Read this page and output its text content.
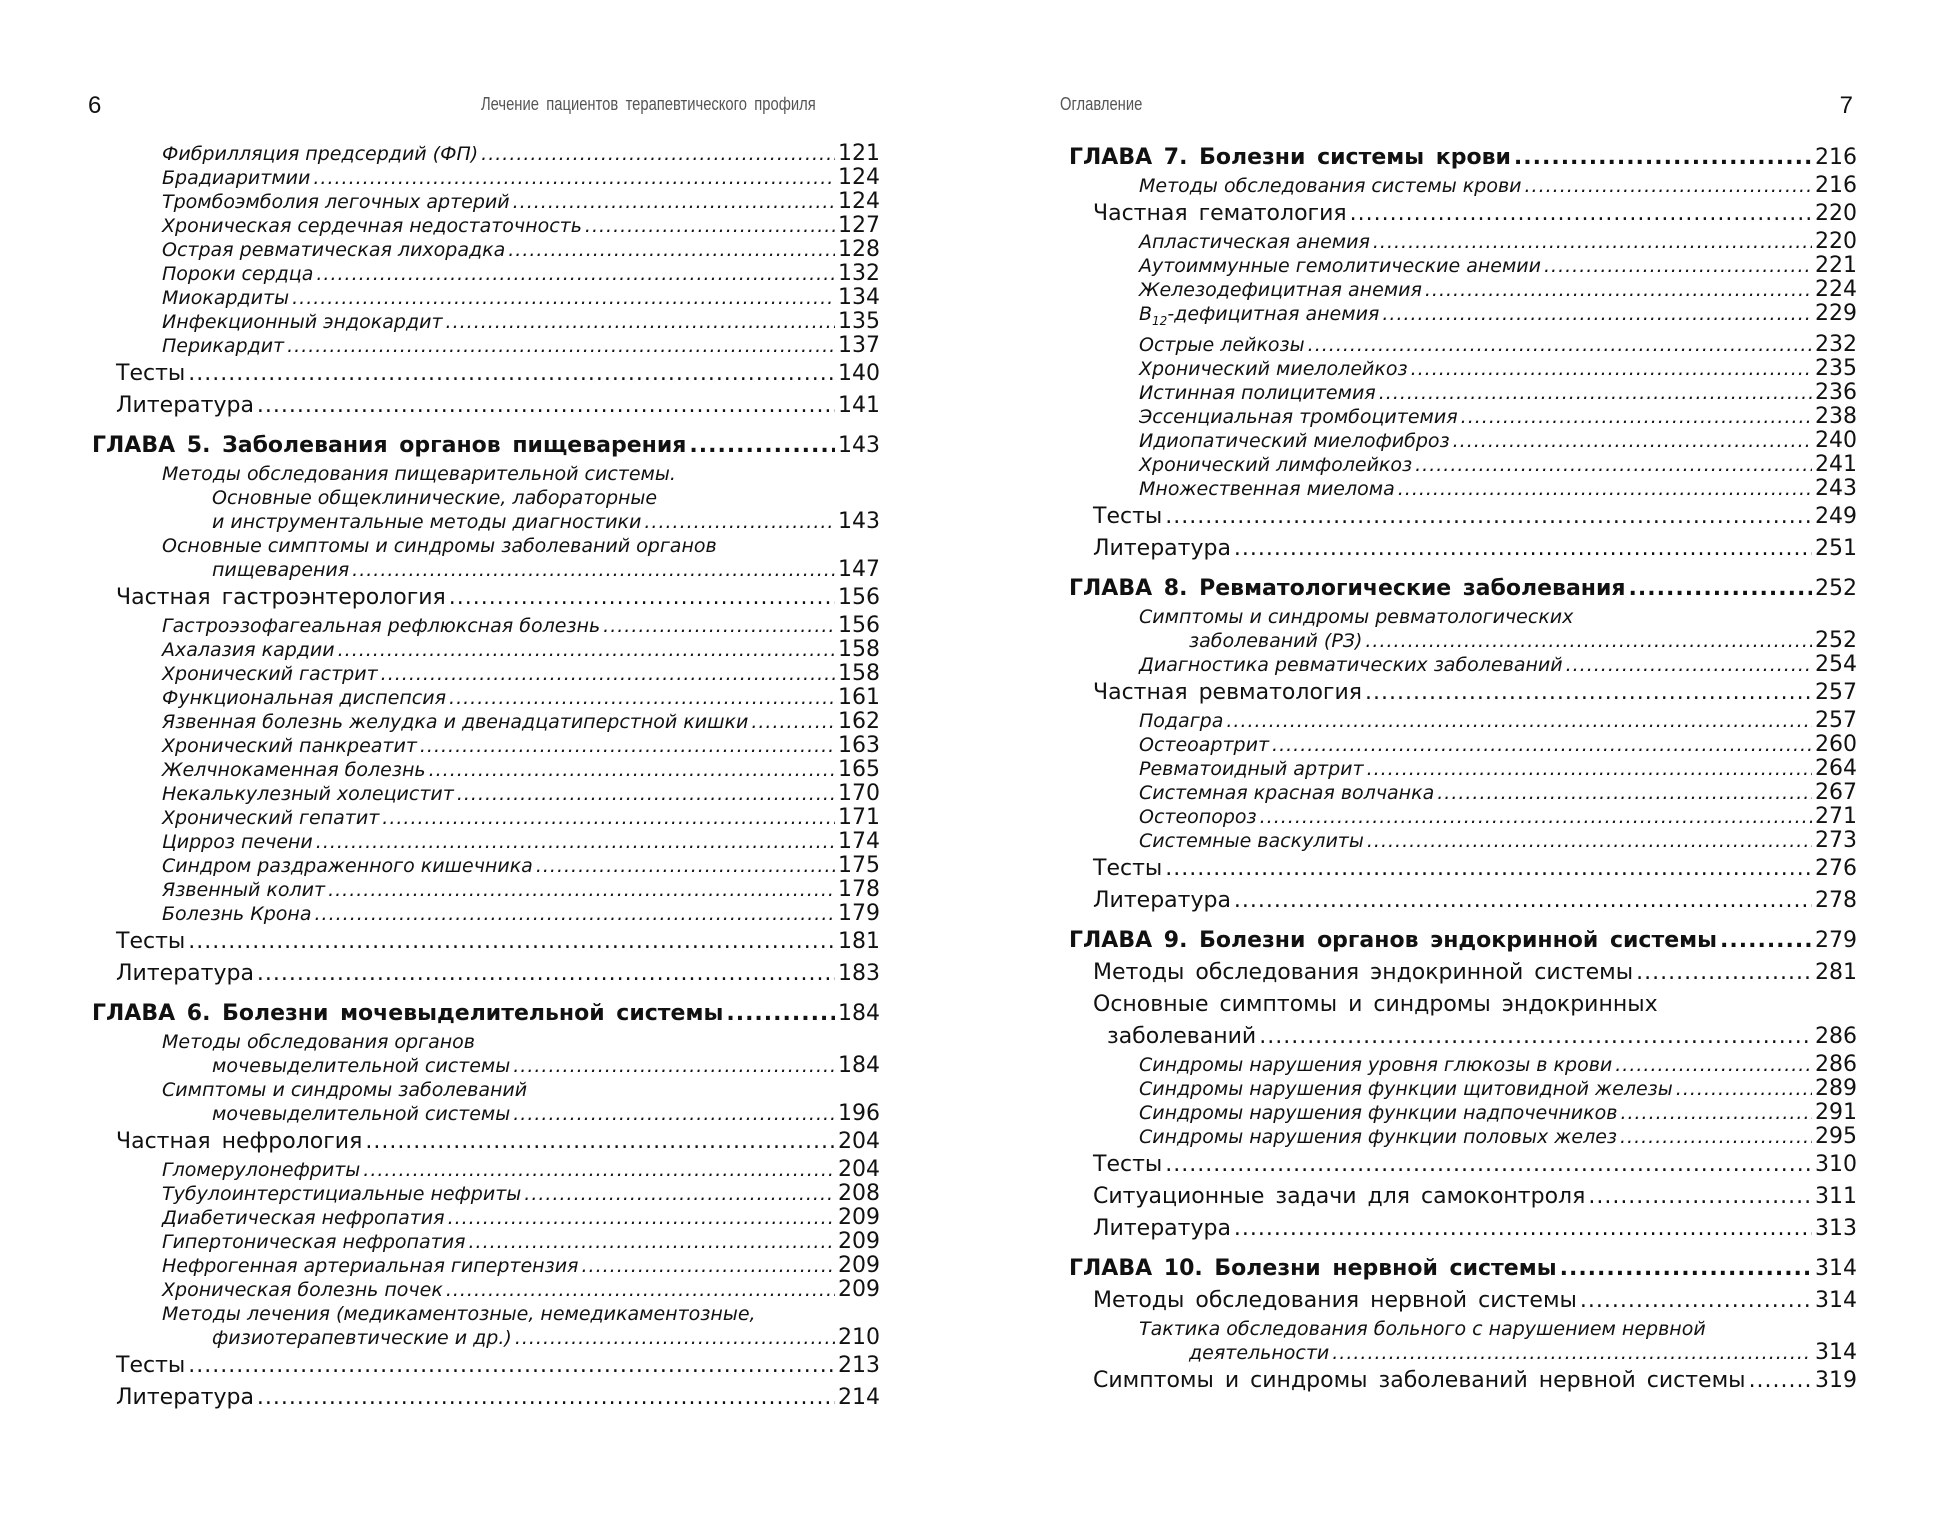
6	Лечение пациентов терапевтического профиля
Фибрилляция предсердий (ФП) .....	121
Брадиаритмии .....	124
Тромбоэмболия легочных артерий .....	124
Хроническая сердечная недостаточность .....	127
Острая ревматическая лихорадка .....	128
Пороки сердца .....	132
Миокардиты .....	134
Инфекционный эндокардит .....	135
Перикардит .....	137
Тесты .....	140
Литература .....	141
ГЛАВА 5. Заболевания органов пищеварения .....	143
Методы обследования пищеварительной системы.
Основные общеклинические, лабораторные
и инструментальные методы диагностики .....	143
Основные симптомы и синдромы заболеваний органов
пищеварения .....	147
Частная гастроэнтерология .....	156
Гастроэзофагеальная рефлюксная болезнь .....	156
Ахалазия кардии .....	158
Хронический гастрит .....	158
Функциональная диспепсия .....	161
Язвенная болезнь желудка и двенадцатиперстной кишки .....	162
Хронический панкреатит .....	163
Желчнокаменная болезнь .....	165
Некалькулезный холецистит .....	170
Хронический гепатит .....	171
Цирроз печени .....	174
Синдром раздраженного кишечника .....	175
Язвенный колит .....	178
Болезнь Крона .....	179
Тесты .....	181
Литература .....	183
ГЛАВА 6. Болезни мочевыделительной системы .....	184
Методы обследования органов
мочевыделительной системы .....	184
Симптомы и синдромы заболеваний
мочевыделительной системы .....	196
Частная нефрология .....	204
Гломерулонефриты .....	204
Тубулоинтерстициальные нефриты .....	208
Диабетическая нефропатия .....	209
Гипертоническая нефропатия .....	209
Нефрогенная артериальная гипертензия .....	209
Хроническая болезнь почек .....	209
Методы лечения (медикаментозные, немедикаментозные,
физиотерапевтические и др.) .....	210
Тесты .....	213
Литература .....	214
Оглавление	7
ГЛАВА 7. Болезни системы крови .....	216
Методы обследования системы крови .....	216
Частная гематология .....	220
Апластическая анемия .....	220
Аутоиммунные гемолитические анемии .....	221
Железодефицитная анемия .....	224
$B_{12}$-дефицитная анемия .....	229
Острые лейкозы .....	232
Хронический миелолейкоз .....	235
Истинная полицитемия .....	236
Эссенциальная тромбоцитемия .....	238
Идиопатический миелофиброз .....	240
Хронический лимфолейкоз .....	241
Множественная миелома .....	243
Тесты .....	249
Литература .....	251
ГЛАВА 8. Ревматологические заболевания .....	252
Симптомы и синдромы ревматологических
заболеваний (РЗ) .....	252
Диагностика ревматических заболеваний .....	254
Частная ревматология .....	257
Подагра .....	257
Остеоартрит .....	260
Ревматоидный артрит .....	264
Системная красная волчанка .....	267
Остеопороз .....	271
Системные васкулиты .....	273
Тесты .....	276
Литература .....	278
ГЛАВА 9. Болезни органов эндокринной системы .....	279
Методы обследования эндокринной системы .....	281
Основные симптомы и синдромы эндокринных
заболеваний .....	286
Синдромы нарушения уровня глюкозы в крови .....	286
Синдромы нарушения функции щитовидной железы .....	289
Синдромы нарушения функции надпочечников .....	291
Синдромы нарушения функции половых желез .....	295
Тесты .....	310
Ситуационные задачи для самоконтроля .....	311
Литература .....	313
ГЛАВА 10. Болезни нервной системы .....	314
Методы обследования нервной системы .....	314
Тактика обследования больного с нарушением нервной
деятельности .....	314
Симптомы и синдромы заболеваний нервной системы .....	319
